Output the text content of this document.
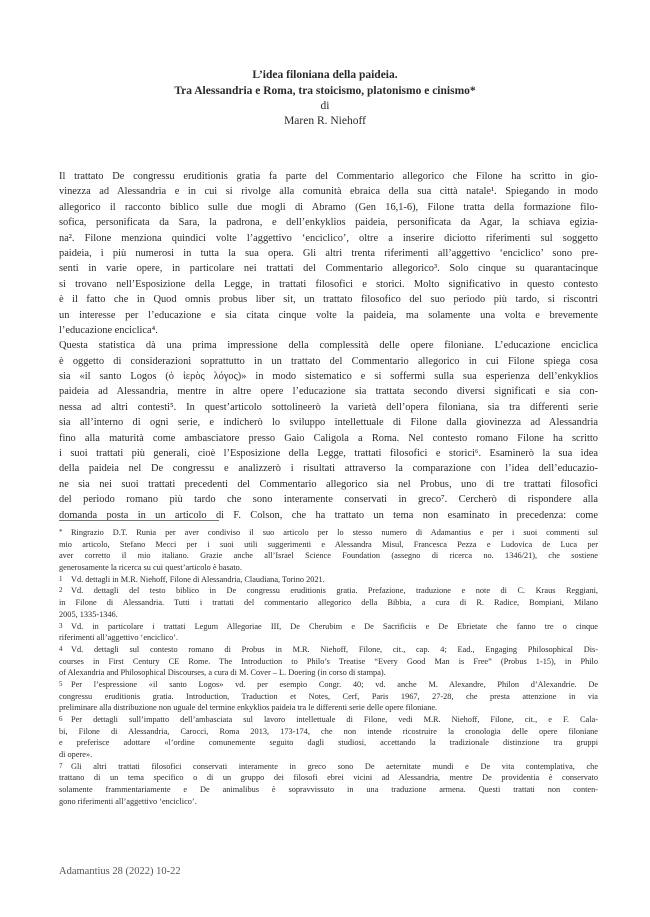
L’idea filoniana della paideia.
Tra Alessandria e Roma, tra stoicismo, platonismo e cinismo*
di
Maren R. Niehoff
Il trattato De congressu eruditionis gratia fa parte del Commentario allegorico che Filone ha scritto in gio-
vinezza ad Alessandria e in cui si rivolge alla comunità ebraica della sua città natale¹. Spiegando in modo
allegorico il racconto biblico sulle due mogli di Abramo (Gen 16,1-6), Filone tratta della formazione filo-
sofica, personificata da Sara, la padrona, e dell’enkyklios paideia, personificata da Agar, la schiava egizia-
na². Filone menziona quindici volte l’aggettivo ‘enciclico’, oltre a inserire diciotto riferimenti sul soggetto
paideia, i più numerosi in tutta la sua opera. Gli altri trenta riferimenti all’aggettivo ‘enciclico’ sono pre-
senti in varie opere, in particolare nei trattati del Commentario allegorico³. Solo cinque su quarantacinque
si trovano nell’Esposizione della Legge, in trattati filosofici e storici. Molto significativo in questo contesto
è il fatto che in Quod omnis probus liber sit, un trattato filosofico del suo periodo più tardo, si riscontri
un interesse per l’educazione e sia citata cinque volte la paideia, ma solamente una volta e brevemente
l’educazione enciclica⁴.
Questa statistica dà una prima impressione della complessità delle opere filoniane. L’educazione enciclica
è oggetto di considerazioni soprattutto in un trattato del Commentario allegorico in cui Filone spiega cosa
sia «il santo Logos (ὁ ἱερὸς λόγος)» in modo sistematico e si soffermi sulla sua esperienza dell’enkyklios
paideia ad Alessandria, mentre in altre opere l’educazione sia trattata secondo diversi significati e sia con-
nessa ad altri contesti⁵. In quest’articolo sottolineerò la varietà dell’opera filoniana, sia tra differenti serie
sia all’interno di ogni serie, e indicherò lo sviluppo intellettuale di Filone dalla giovinezza ad Alessandria
fino alla maturità come ambasciatore presso Gaio Caligola a Roma. Nel contesto romano Filone ha scritto
i suoi trattati più generali, cioè l’Esposizione della Legge, trattati filosofici e storici⁶. Esaminerò la sua idea
della paideia nel De congressu e analizzerò i risultati attraverso la comparazione con l’idea dell’educazio-
ne sia nei suoi trattati precedenti del Commentario allegorico sia nel Probus, uno di tre trattati filosofici
del periodo romano più tardo che sono interamente conservati in greco⁷. Cercherò di rispondere alla
domanda posta in un articolo di F. Colson, che ha trattato un tema non esaminato in precedenza: come
* Ringrazio D.T. Runia per aver condiviso il suo articolo per lo stesso numero di Adamantius e per i suoi commenti sul
mio articolo, Stefano Mecci per i suoi utili suggerimenti e Alessandra Misul, Francesca Pezza e Ludovica de Luca per
aver corretto il mio italiano. Grazie anche all’Israel Science Foundation (assegno di ricerca no. 1346/21), che sostiene
generosamente la ricerca su cui quest’articolo è basato.
1 Vd. dettagli in M.R. Niehoff, Filone di Alessandria, Claudiana, Torino 2021.
2 Vd. dettagli del testo biblico in De congressu eruditionis gratia. Prefazione, traduzione e note di C. Kraus Reggiani,
in Filone di Alessandria. Tutti i trattati del commentario allegorico della Bibbia, a cura di R. Radice, Bompiani, Milano
2005, 1335-1346.
3 Vd. in particolare i trattati Legum Allegoriae III, De Cherubim e De Sacrificiis e De Ebrietate che fanno tre o cinque
riferimenti all’aggettivo ‘enciclico’.
4 Vd. dettagli sul contesto romano di Probus in M.R. Niehoff, Filone, cit., cap. 4; Ead., Engaging Philosophical Dis-
courses in First Century CE Rome. The Introduction to Philo’s Treatise “Every Good Man is Free” (Probus 1-15), in Philo
of Alexandria and Philosophical Discourses, a cura di M. Cover – L. Doering (in corso di stampa).
5 Per l’espressione «il santo Logos» vd. per esempio Congr. 40; vd. anche M. Alexandre, Philon d’Alexandrie. De
congressu eruditionis gratia. Introduction, Traduction et Notes, Cerf, Paris 1967, 27-28, che presta attenzione in via
preliminare alla distribuzione non uguale del termine enkyklios paideia tra le differenti serie delle opere filoniane.
6 Per dettagli sull’impatto dell’ambasciata sul lavoro intellettuale di Filone, vedi M.R. Niehoff, Filone, cit., e F. Cala-
bi, Filone di Alessandria, Carocci, Roma 2013, 173-174, che non intende ricostruire la cronologia delle opere filoniane
e preferisce adottare «l’ordine comunemente seguito dagli studiosi, accettando la tradizionale distinzione tra gruppi
di opere».
7 Gli altri trattati filosofici conservati interamente in greco sono De aeternitate mundi e De vita contemplativa, che
trattano di un tema specifico o di un gruppo dei filosofi ebrei vicini ad Alessandria, mentre De providentia è conservato
solamente frammentariamente e De animalibus è sopravvissuto in una traduzione armena. Questi trattati non conten-
gono riferimenti all’aggettivo ‘enciclico’.
Adamantius 28 (2022) 10-22
